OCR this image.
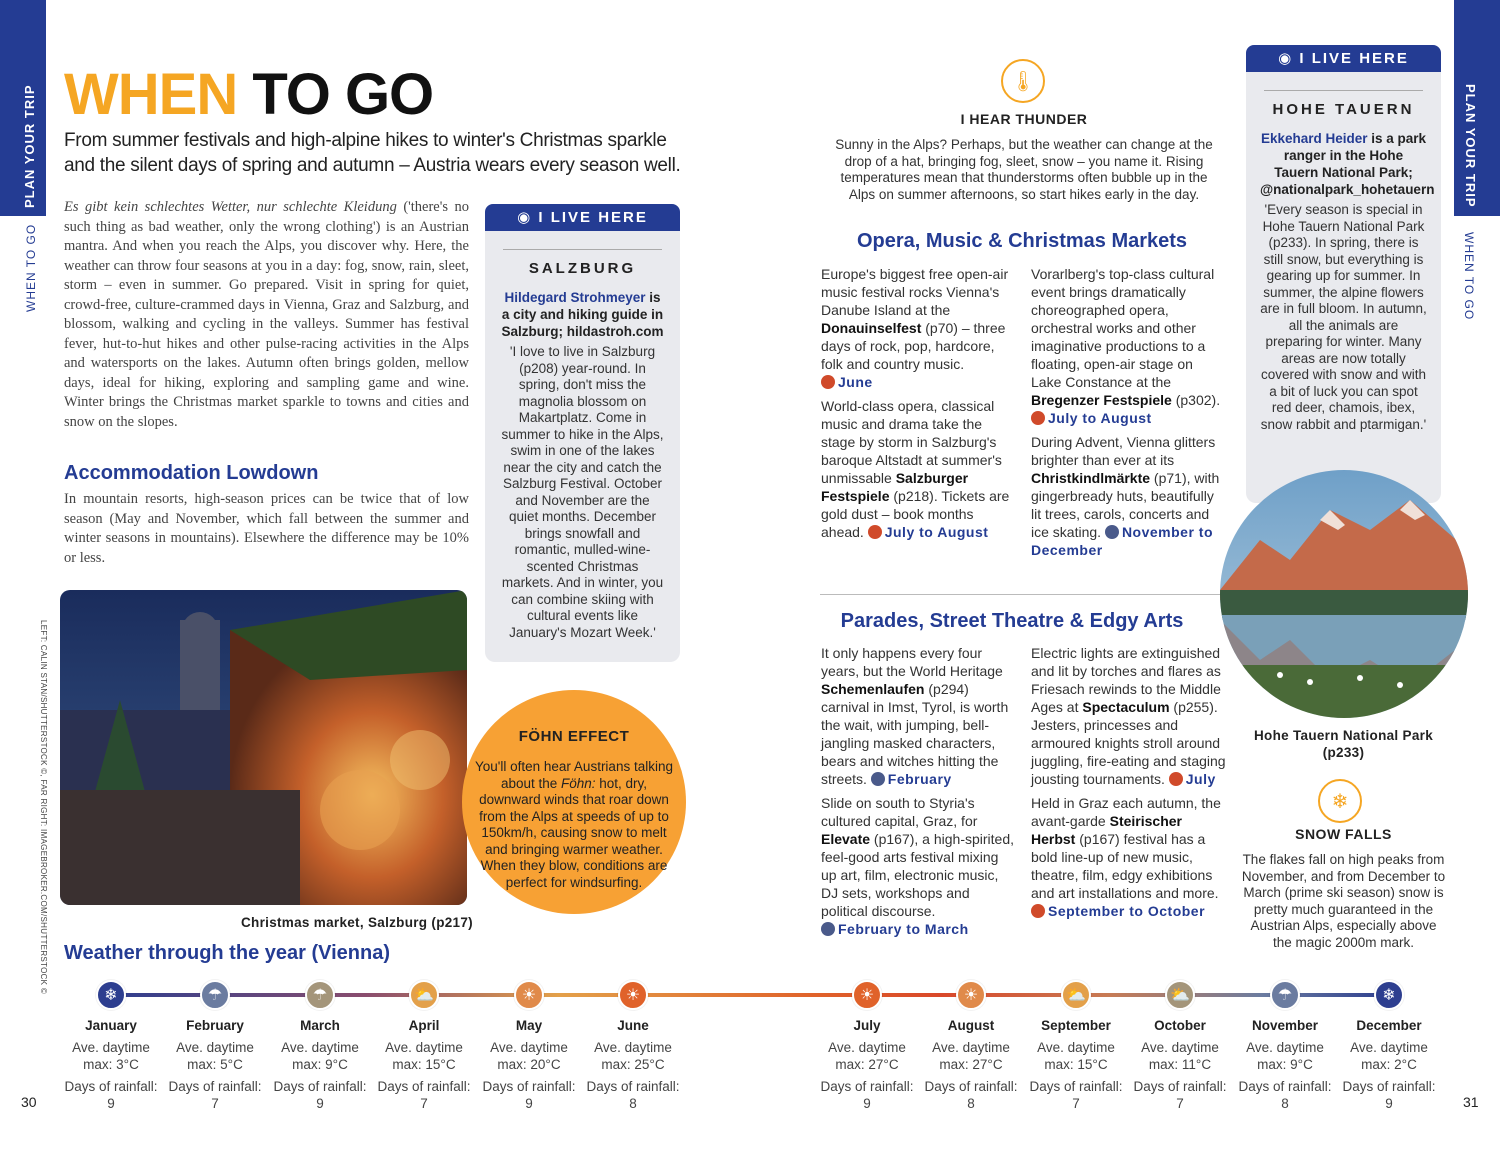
PLAN YOUR TRIP
WHEN TO GO
PLAN YOUR TRIP
WHEN TO GO
WHEN TO GO
From summer festivals and high-alpine hikes to winter's Christmas sparkle and the silent days of spring and autumn – Austria wears every season well.
Es gibt kein schlechtes Wetter, nur schlechte Kleidung ('there's no such thing as bad weather, only the wrong clothing') is an Austrian mantra. And when you reach the Alps, you discover why. Here, the weather can throw four seasons at you in a day: fog, snow, rain, sleet, storm – even in summer. Go prepared. Visit in spring for quiet, crowd-free, culture-crammed days in Vienna, Graz and Salzburg, and blossom, walking and cycling in the valleys. Summer has festival fever, hut-to-hut hikes and other pulse-racing activities in the Alps and watersports on the lakes. Autumn often brings golden, mellow days, ideal for hiking, exploring and sampling game and wine. Winter brings the Christmas market sparkle to towns and cities and snow on the slopes.
Accommodation Lowdown
In mountain resorts, high-season prices can be twice that of low season (May and November, which fall between the summer and winter seasons in mountains). Elsewhere the difference may be 10% or less.
◉ I LIVE HERE
SALZBURG
Hildegard Strohmeyer is a city and hiking guide in Salzburg; hildastroh.com
'I love to live in Salzburg (p208) year-round. In spring, don't miss the magnolia blossom on Makartplatz. Come in summer to hike in the Alps, swim in one of the lakes near the city and catch the Salzburg Festival. October and November are the quiet months. December brings snowfall and romantic, mulled-wine-scented Christmas markets. And in winter, you can combine skiing with cultural events like January's Mozart Week.'
Christmas market, Salzburg (p217)
LEFT: CALIN STAN/SHUTTERSTOCK ©, FAR RIGHT: IMAGEBROKER.COM/SHUTTERSTOCK ©	FÖHN EFFECT
You'll often hear Austrians talking about the Föhn: hot, dry, downward winds that roar down from the Alps at speeds of up to 150km/h, causing snow to melt and bringing warmer weather. When they blow, conditions are perfect for windsurfing.
🌡
I HEAR THUNDER
Sunny in the Alps? Perhaps, but the weather can change at the drop of a hat, bringing fog, sleet, snow – you name it. Rising temperatures mean that thunderstorms often bubble up in the Alps on summer afternoons, so start hikes early in the day.
Opera, Music & Christmas Markets

Europe's biggest free open-air music festival rocks Vienna's Danube Island at the Donauinselfest (p70) – three days of rock, pop, hardcore, folk and country music.
June

World-class opera, classical music and drama take the stage by storm in Salzburg's baroque Altstadt at summer's unmissable Salzburger Festspiele (p218). Tickets are gold dust – book months ahead. July to August

Vorarlberg's top-class cultural event brings dramatically choreographed opera, orchestral works and other imaginative productions to a floating, open-air stage on Lake Constance at the Bregenzer Festspiele (p302).
July to August

During Advent, Vienna glitters brighter than ever at its Christkindlmärkte (p71), with gingerbready huts, beautifully lit trees, carols, concerts and ice skating. November to December

Parades, Street Theatre & Edgy Arts

It only happens every four years, but the World Heritage Schemenlaufen (p294) carnival in Imst, Tyrol, is worth the wait, with jumping, bell-jangling masked characters, bears and witches hitting the streets. February

Slide on south to Styria's cultured capital, Graz, for Elevate (p167), a high-spirited, feel-good arts festival mixing up art, film, electronic music, DJ sets, workshops and political discourse.
February to March

Electric lights are extinguished and lit by torches and flares as Friesach rewinds to the Middle Ages at Spectaculum (p255). Jesters, princesses and armoured knights stroll around juggling, fire-eating and staging jousting tournaments. July

Held in Graz each autumn, the avant-garde Steirischer Herbst (p167) festival has a bold line-up of new music, theatre, film, edgy exhibitions and art installations and more.
September to October

◉ I LIVE HERE
HOHE TAUERN
Ekkehard Heider is a park ranger in the Hohe Tauern National Park; @nationalpark_hohetauern
'Every season is special in Hohe Tauern National Park (p233). In spring, there is still snow, but everything is gearing up for summer. In summer, the alpine flowers are in full bloom. In autumn, all the animals are preparing for winter. Many areas are now totally covered with snow and with a bit of luck you can spot red deer, chamois, ibex, snow rabbit and ptarmigan.'
Hohe Tauern National Park (p233)
❄
SNOW FALLS
The flakes fall on high peaks from November, and from December to March (prime ski season) snow is pretty much guaranteed in the Austrian Alps, especially above the magic 2000m mark.
Weather through the year (Vienna)
❄
January
Ave. daytime
max: 3°C
Days of rainfall:
9
☂
February
Ave. daytime
max: 5°C
Days of rainfall:
7
☂
March
Ave. daytime
max: 9°C
Days of rainfall:
9
⛅
April
Ave. daytime
max: 15°C
Days of rainfall:
7
☀
May
Ave. daytime
max: 20°C
Days of rainfall:
9
☀
June
Ave. daytime
max: 25°C
Days of rainfall:
8
☀
July
Ave. daytime
max: 27°C
Days of rainfall:
9
☀
August
Ave. daytime
max: 27°C
Days of rainfall:
8
⛅
September
Ave. daytime
max: 15°C
Days of rainfall:
7
⛅
October
Ave. daytime
max: 11°C
Days of rainfall:
7
☂
November
Ave. daytime
max: 9°C
Days of rainfall:
8
❄
December
Ave. daytime
max: 2°C
Days of rainfall:
9
30	31
